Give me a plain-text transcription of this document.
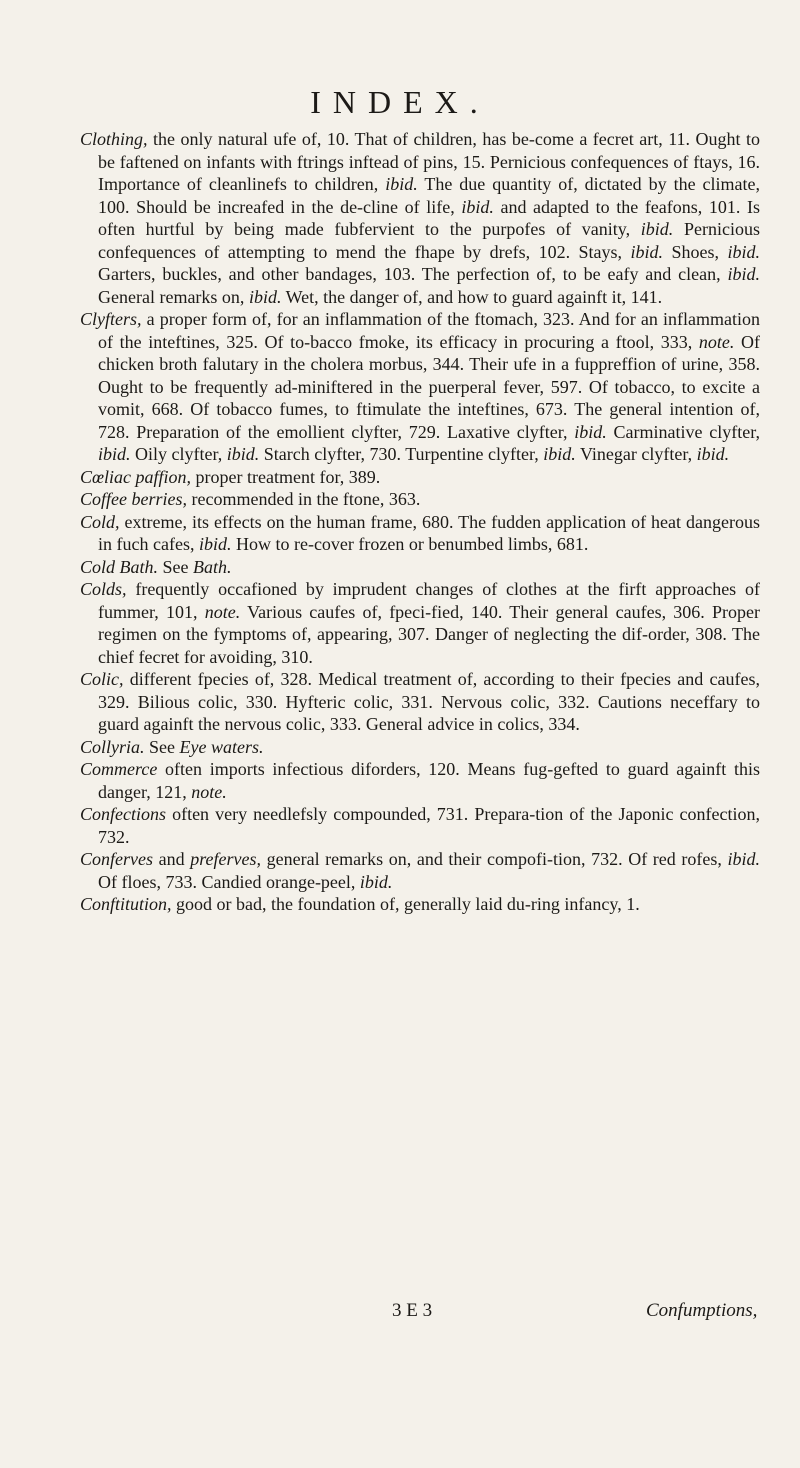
INDEX.

Clothing, the only natural ufe of, 10. That of children, has be-come a fecret art, 11. Ought to be faftened on infants with ftrings inftead of pins, 15. Pernicious confequences of ftays, 16. Importance of cleanlinefs to children, ibid. The due quantity of, dictated by the climate, 100. Should be increafed in the de-cline of life, ibid. and adapted to the feafons, 101. Is often hurtful by being made fubfervient to the purpofes of vanity, ibid. Pernicious confequences of attempting to mend the fhape by drefs, 102. Stays, ibid. Shoes, ibid. Garters, buckles, and other bandages, 103. The perfection of, to be eafy and clean, ibid. General remarks on, ibid. Wet, the danger of, and how to guard againft it, 141.

Clyfters, a proper form of, for an inflammation of the ftomach, 323. And for an inflammation of the inteftines, 325. Of to-bacco fmoke, its efficacy in procuring a ftool, 333, note. Of chicken broth falutary in the cholera morbus, 344. Their ufe in a fuppreffion of urine, 358. Ought to be frequently ad-miniftered in the puerperal fever, 597. Of tobacco, to excite a vomit, 668. Of tobacco fumes, to ftimulate the inteftines, 673. The general intention of, 728. Preparation of the emollient clyfter, 729. Laxative clyfter, ibid. Carminative clyfter, ibid. Oily clyfter, ibid. Starch clyfter, 730. Turpentine clyfter, ibid. Vinegar clyfter, ibid.

Cœliac paffion, proper treatment for, 389.

Coffee berries, recommended in the ftone, 363.

Cold, extreme, its effects on the human frame, 680. The fudden application of heat dangerous in fuch cafes, ibid. How to re-cover frozen or benumbed limbs, 681.

Cold Bath. See Bath.

Colds, frequently occafioned by imprudent changes of clothes at the firft approaches of fummer, 101, note. Various caufes of, fpeci-fied, 140. Their general caufes, 306. Proper regimen on the fymptoms of, appearing, 307. Danger of neglecting the dif-order, 308. The chief fecret for avoiding, 310.

Colic, different fpecies of, 328. Medical treatment of, according to their fpecies and caufes, 329. Bilious colic, 330. Hyfteric colic, 331. Nervous colic, 332. Cautions neceffary to guard againft the nervous colic, 333. General advice in colics, 334.

Collyria. See Eye waters.

Commerce often imports infectious diforders, 120. Means fug-gefted to guard againft this danger, 121, note.

Confections often very needlefsly compounded, 731. Prepara-tion of the Japonic confection, 732.

Conferves and preferves, general remarks on, and their compofi-tion, 732. Of red rofes, ibid. Of floes, 733. Candied orange-peel, ibid.

Conftitution, good or bad, the foundation of, generally laid du-ring infancy, 1.

3 E 3	Confumptions,
